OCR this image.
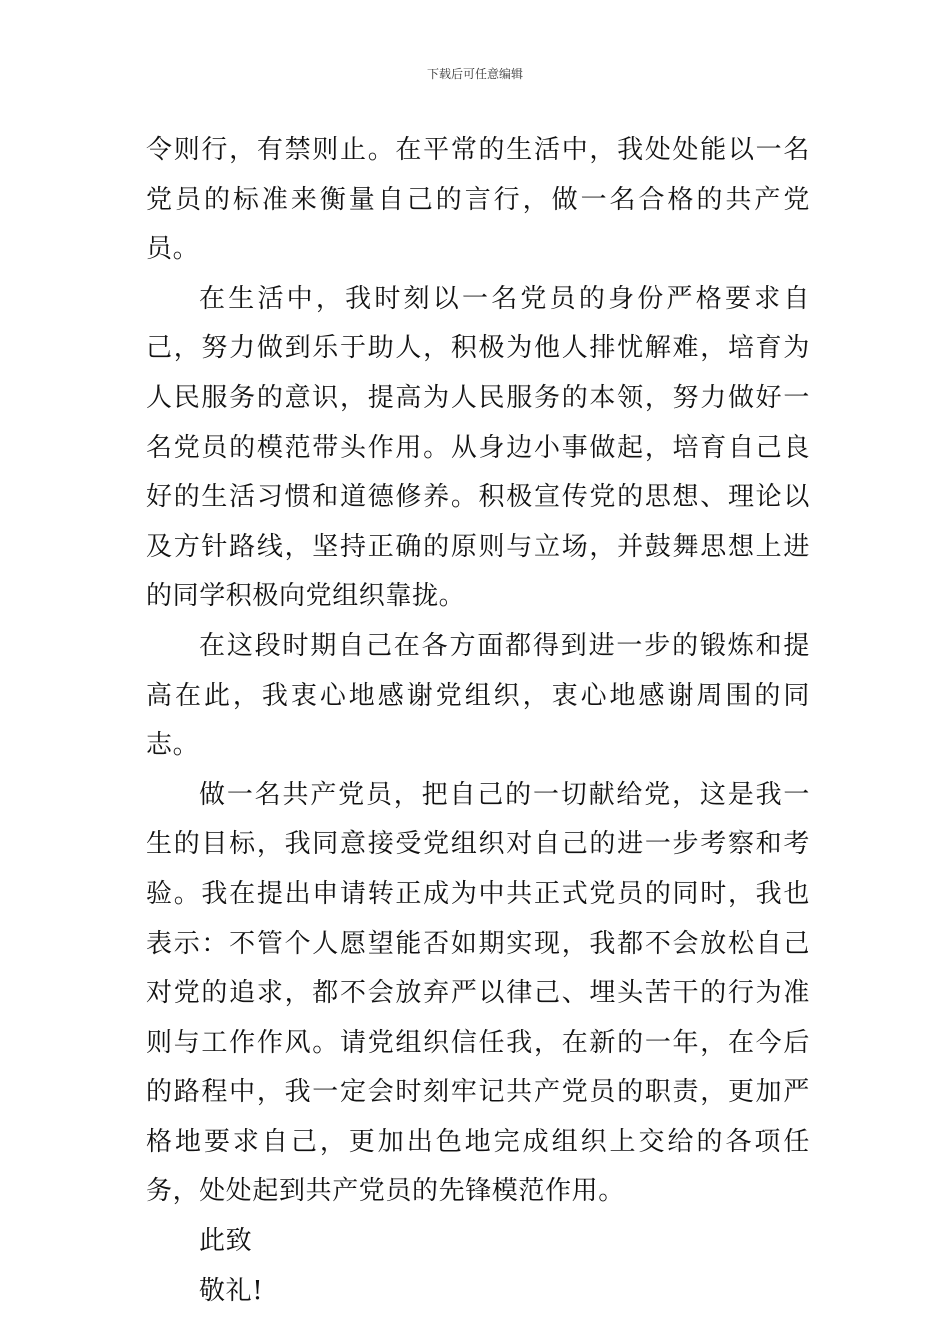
下载后可任意编辑

令则行，有禁则止。在平常的生活中，我处处能以一名党员的标准来衡量自己的言行，做一名合格的共产党员。

在生活中，我时刻以一名党员的身份严格要求自己，努力做到乐于助人，积极为他人排忧解难，培育为人民服务的意识，提高为人民服务的本领，努力做好一名党员的模范带头作用。从身边小事做起，培育自己良好的生活习惯和道德修养。积极宣传党的思想、理论以及方针路线，坚持正确的原则与立场，并鼓舞思想上进的同学积极向党组织靠拢。

在这段时期自己在各方面都得到进一步的锻炼和提高在此，我衷心地感谢党组织，衷心地感谢周围的同志。

做一名共产党员，把自己的一切献给党，这是我一生的目标，我同意接受党组织对自己的进一步考察和考验。我在提出申请转正成为中共正式党员的同时，我也表示：不管个人愿望能否如期实现，我都不会放松自己对党的追求，都不会放弃严以律己、埋头苦干的行为准则与工作作风。请党组织信任我，在新的一年，在今后的路程中，我一定会时刻牢记共产党员的职责，更加严格地要求自己，更加出色地完成组织上交给的各项任务，处处起到共产党员的先锋模范作用。

此致

敬礼!
